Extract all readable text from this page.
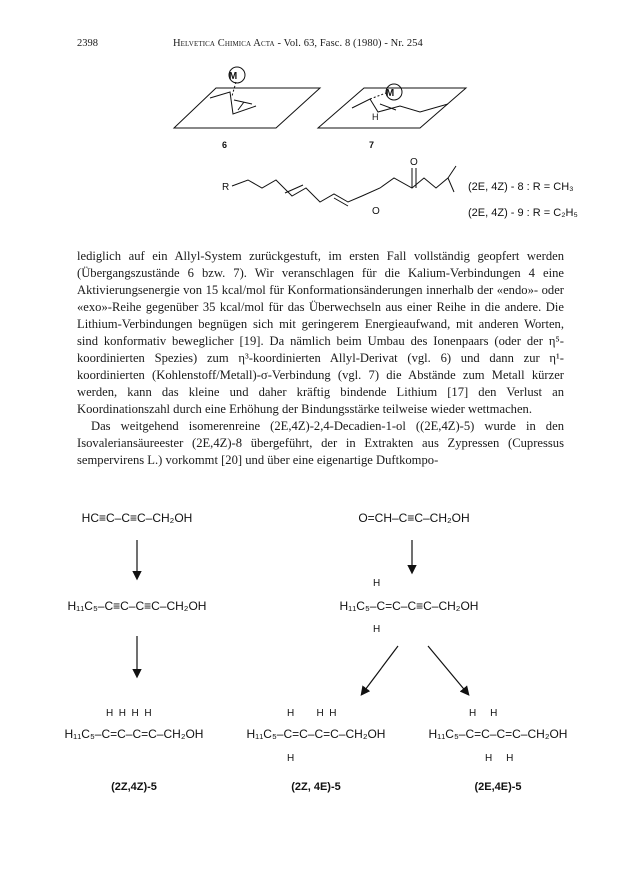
2398	Helvetica Chimica Acta - Vol. 63, Fasc. 8 (1980) - Nr. 254
M
M
H
6	7
R
O
O
(2E, 4Z) - 8 : R = CH₃
(2E, 4Z) - 9 : R = C₂H₅

lediglich auf ein Allyl-System zurückgestuft, im ersten Fall vollständig geopfert werden (Übergangszustände 6 bzw. 7). Wir veranschlagen für die Kalium-Verbindungen 4 eine Aktivierungsenergie von 15 kcal/mol für Konformationsänderungen innerhalb der «endo»- oder «exo»-Reihe gegenüber 35 kcal/mol für das Überwechseln aus einer Reihe in die andere. Die Lithium-Verbindungen begnügen sich mit geringerem Energieaufwand, mit anderen Worten, sind konformativ beweglicher [19]. Da nämlich beim Umbau des Ionenpaars (oder der η⁵-koordinierten Spezies) zum η³-koordinierten Allyl-Derivat (vgl. 6) und dann zur η¹-koordinierten (Kohlenstoff/Metall)-σ-Verbindung (vgl. 7) die Abstände zum Metall kürzer werden, kann das kleine und daher kräftig bindende Lithium [17] den Verlust an Koordinationszahl durch eine Erhöhung der Bindungsstärke teilweise wieder wettmachen.

Das weitgehend isomerenreine (2E,4Z)-2,4-Decadien-1-ol ((2E,4Z)-5) wurde in den Isovaleriansäureester (2E,4Z)-8 übergeführt, der in Extrakten aus Zypressen (Cupressus sempervirens L.) vorkommt [20] und über eine eigenartige Duftkompo-

HC≡C–C≡C–CH₂OH	O=CH–C≡C–CH₂OH
H₁₁C₅–C≡C–C≡C–CH₂OH
H
H₁₁C₅–C=C–C≡C–CH₂OH
H
H  H  H  H
H₁₁C₅–C=C–C=C–CH₂OH
(2Z,4Z)-5
H        H  H
H₁₁C₅–C=C–C=C–CH₂OH
H
(2Z, 4E)-5
H     H
H₁₁C₅–C=C–C=C–CH₂OH
H     H
(2E,4E)-5
